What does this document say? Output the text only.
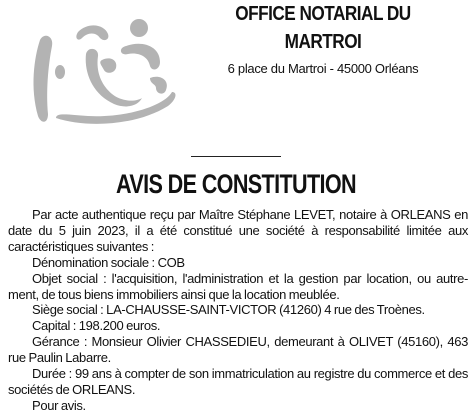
OFFICE NOTARIAL DU
MARTROI
6 place du Martroi - 45000 Orléans
AVIS DE CONSTITUTION

Par acte authentique reçu par Maître Stéphane LEVET, notaire à ORLEANS en date du 5 juin 2023, il a été constitué une société à responsabilité limitée aux caractéristiques suivantes :

Dénomination sociale : COB

Objet social : l'acquisition, l'administration et la gestion par location, ou autre-ment, de tous biens immobiliers ainsi que la location meublée.

Siège social : LA-CHAUSSE-SAINT-VICTOR (41260) 4 rue des Troènes.

Capital : 198.200 euros.

Gérance : Monsieur Olivier CHASSEDIEU, demeurant à OLIVET (45160), 463 rue Paulin Labarre.

Durée : 99 ans à compter de son immatriculation au registre du commerce et des sociétés de ORLEANS.

Pour avis.
